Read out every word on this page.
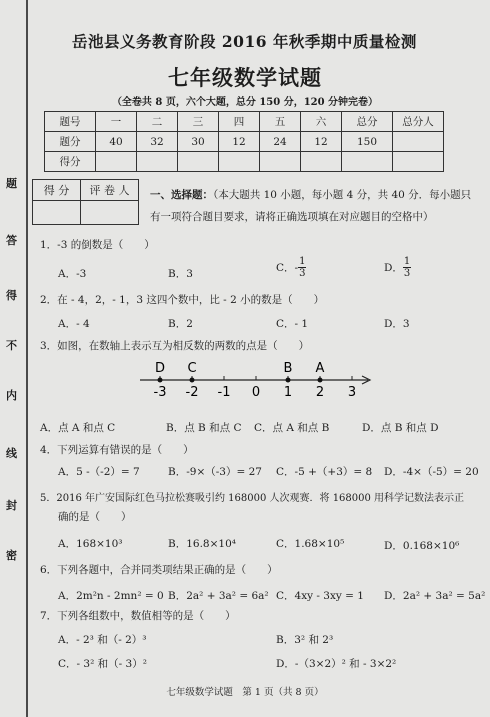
题
答
得
不
内
线
封
密
岳池县义务教育阶段 2016 年秋季期中质量检测
七年级数学试题
（全卷共 8 页，六个大题，总分 150 分，120 分钟完卷）
题号	一	二	三	四	五	六	总分	总分人
题分	40	32	30	12	24	12	150	
得分								
得 分	评 卷 人
	一、选择题：（本大题共 10 小题，每小题 4 分，共 40 分．每小题只有一项符合题目要求，请将正确选项填在对应题目的空格中）
1．-3 的倒数是（　　）
A．-3	B．3	C．- $\frac{1}{3}$	D． $\frac{1}{3}$
2．在 - 4，2，- 1，3 这四个数中，比 - 2 小的数是（　　）
A．- 4	B．2	C．- 1	D．3
3．如图，在数轴上表示互为相反数的两数的点是（　　）
-3 -2 -1 0 1 2 3
D C	B A
A．点 A 和点 C	B．点 B 和点 C C．点 A 和点 B	D．点 B 和点 D
4．下列运算有错误的是（　　）
A．5 -（-2）= 7	B．-9×（-3）= 27 C．-5 +（+3）= 8 D．-4×（-5）= 20
5．2016 年广安国际红色马拉松赛吸引约 168000 人次观赛．将 168000 用科学记数法表示正
确的是（　　）
A．168×10³	B．16.8×10⁴	C．1.68×10⁵	D．0.168×10⁶
6．下列各题中，合并同类项结果正确的是（　　）
A．2m²n - 2mn² = 0 B．2a² + 3a² = 6a² C．4xy - 3xy = 1 D．2a² + 3a² = 5a²
7．下列各组数中，数值相等的是（　　）
A．- 2³ 和（- 2）³	B．3² 和 2³
C．- 3² 和（- 3）²	D．-（3×2）² 和 - 3×2²
七年级数学试题　第 1 页（共 8 页）
